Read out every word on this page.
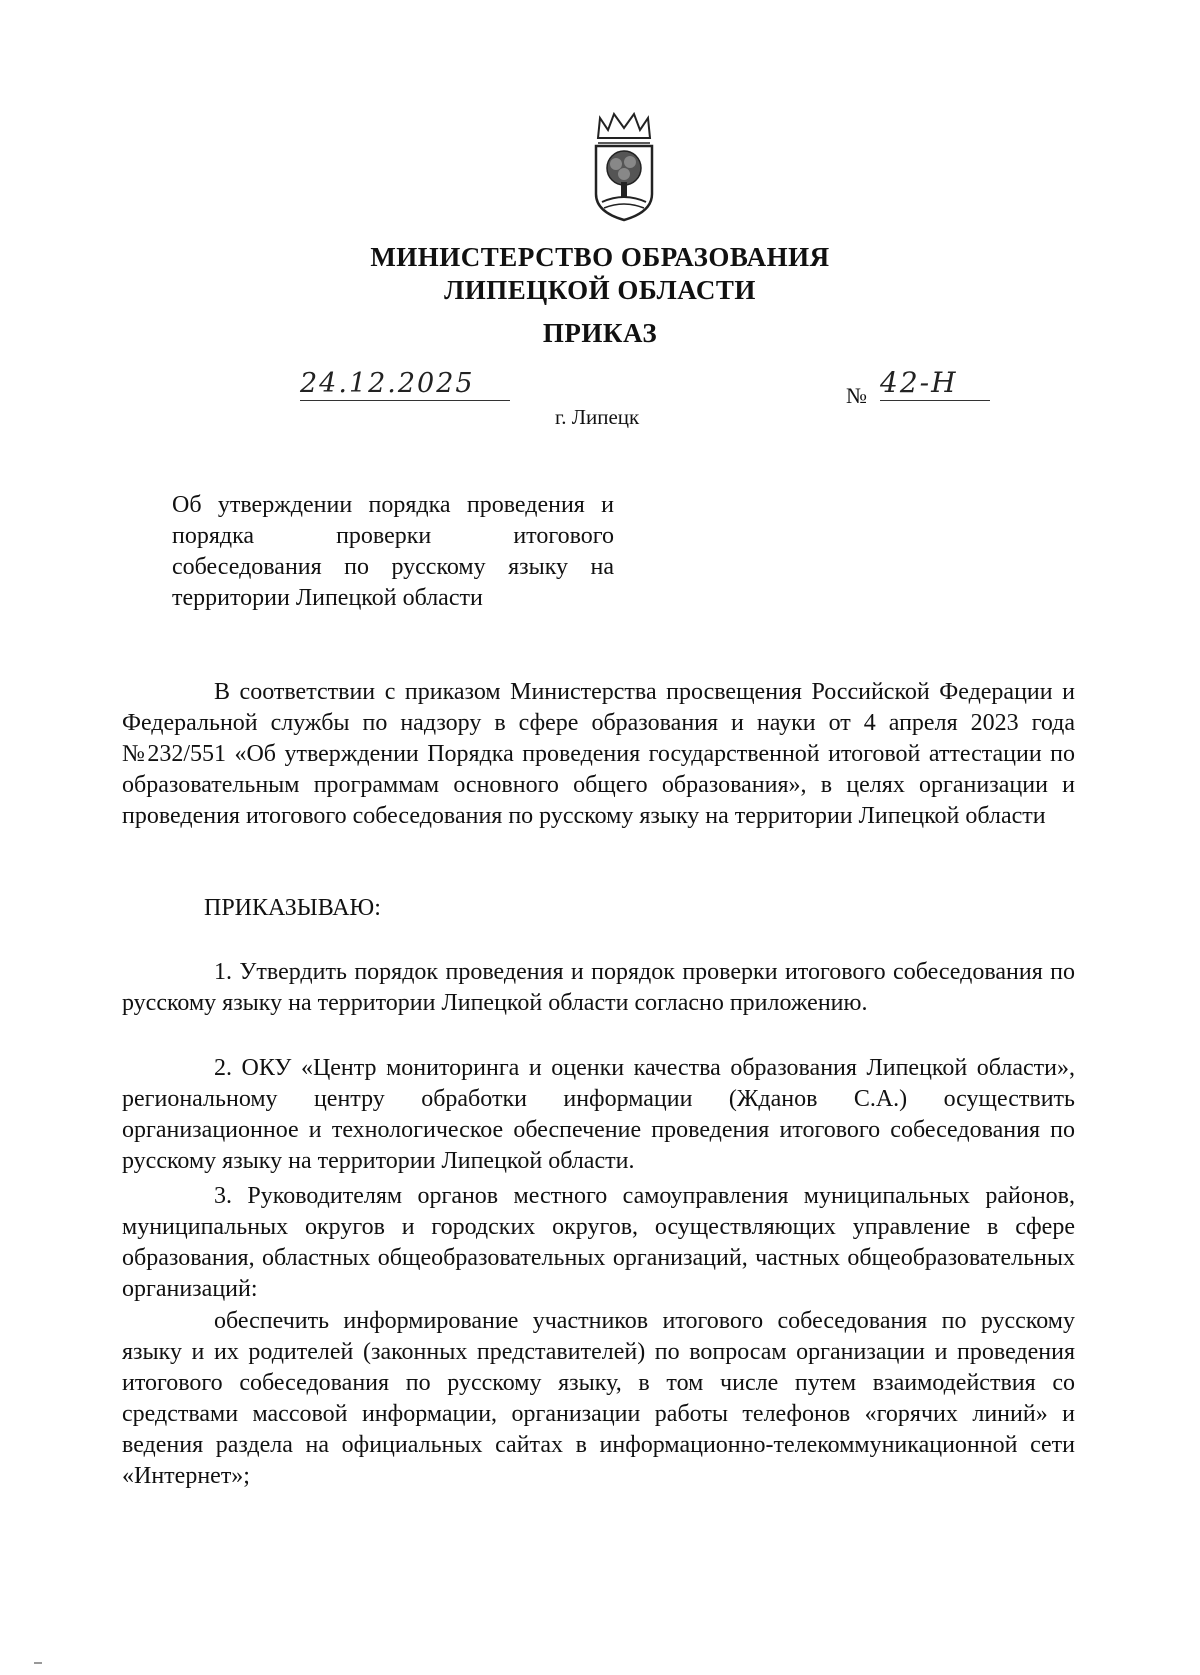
МИНИСТЕРСТВО ОБРАЗОВАНИЯ
ЛИПЕЦКОЙ ОБЛАСТИ
ПРИКАЗ
24.12.2025
г. Липецк
№ 42-Н
Об утверждении порядка проведения и порядка проверки итогового собеседования по русскому языку на территории Липецкой области
В соответствии с приказом Министерства просвещения Российской Федерации и Федеральной службы по надзору в сфере образования и науки от 4 апреля 2023 года №232/551 «Об утверждении Порядка проведения государственной итоговой аттестации по образовательным программам основного общего образования», в целях организации и проведения итогового собеседования по русскому языку на территории Липецкой области
ПРИКАЗЫВАЮ:
1. Утвердить порядок проведения и порядок проверки итогового собеседования по русскому языку на территории Липецкой области согласно приложению.
2. ОКУ «Центр мониторинга и оценки качества образования Липецкой области», региональному центру обработки информации (Жданов С.А.) осуществить организационное и технологическое обеспечение проведения итогового собеседования по русскому языку на территории Липецкой области.
3. Руководителям органов местного самоуправления муниципальных районов, муниципальных округов и городских округов, осуществляющих управление в сфере образования, областных общеобразовательных организаций, частных общеобразовательных организаций:
обеспечить информирование участников итогового собеседования по русскому языку и их родителей (законных представителей) по вопросам организации и проведения итогового собеседования по русскому языку, в том числе путем взаимодействия со средствами массовой информации, организации работы телефонов «горячих линий» и ведения раздела на официальных сайтах в информационно-телекоммуникационной сети «Интернет»;
